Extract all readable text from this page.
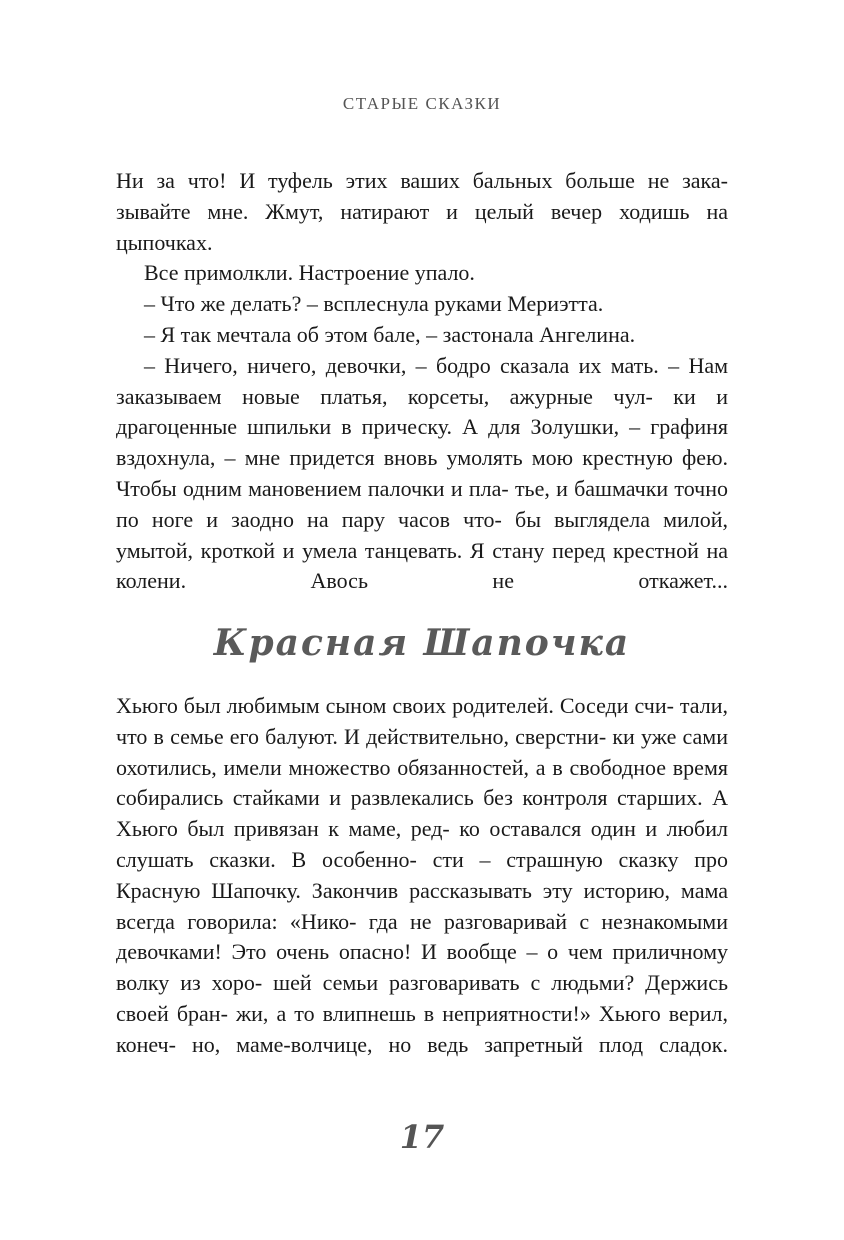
СТАРЫЕ СКАЗКИ

Ни за что! И туфель этих ваших бальных больше не зака- зывайте мне. Жмут, натирают и целый вечер ходишь на цыпочках.

Все примолкли. Настроение упало.

– Что же делать? – всплеснула руками Мериэтта.

– Я так мечтала об этом бале, – застонала Ангелина.

– Ничего, ничего, девочки, – бодро сказала их мать. – Нам заказываем новые платья, корсеты, ажурные чул- ки и драгоценные шпильки в прическу. А для Золушки, – графиня вздохнула, – мне придется вновь умолять мою крестную фею. Чтобы одним мановением палочки и пла- тье, и башмачки точно по ноге и заодно на пару часов что- бы выглядела милой, умытой, кроткой и умела танцевать. Я стану перед крестной на колени. Авось не откажет...

Красная Шапочка

Хьюго был любимым сыном своих родителей. Соседи счи- тали, что в семье его балуют. И действительно, сверстни- ки уже сами охотились, имели множество обязанностей, а в свободное время собирались стайками и развлекались без контроля старших. А Хьюго был привязан к маме, ред- ко оставался один и любил слушать сказки. В особенно- сти – страшную сказку про Красную Шапочку. Закончив рассказывать эту историю, мама всегда говорила: «Нико- гда не разговаривай с незнакомыми девочками! Это очень опасно! И вообще – о чем приличному волку из хоро- шей семьи разговаривать с людьми? Держись своей бран- жи, а то влипнешь в неприятности!» Хьюго верил, конеч- но, маме-волчице, но ведь запретный плод сладок.

17
